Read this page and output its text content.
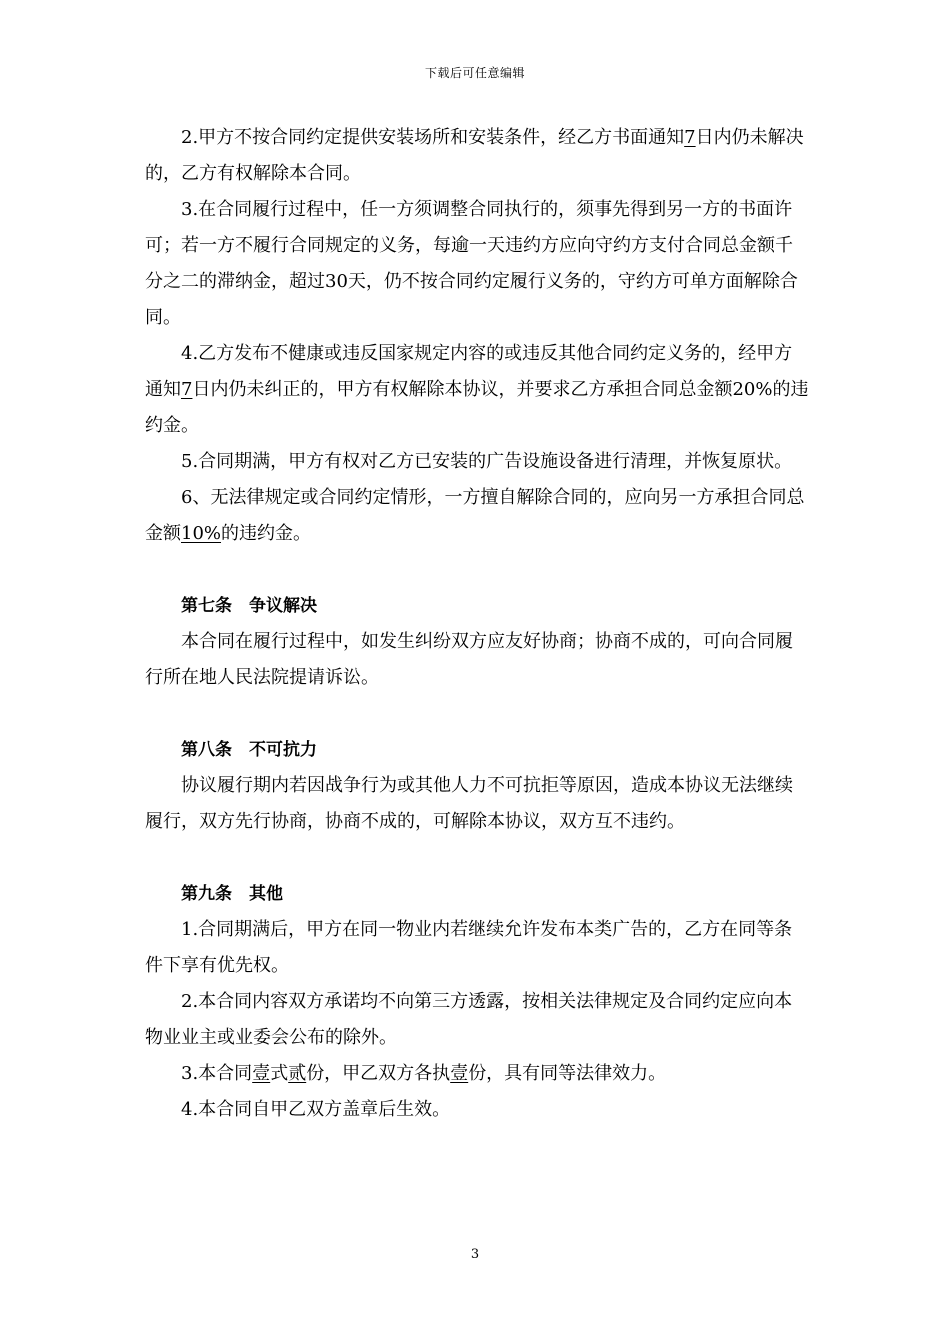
下载后可任意编辑

2.甲方不按合同约定提供安装场所和安装条件，经乙方书面通知7日内仍未解决的，乙方有权解除本合同。

3.在合同履行过程中，任一方须调整合同执行的，须事先得到另一方的书面许可；若一方不履行合同规定的义务，每逾一天违约方应向守约方支付合同总金额千分之二的滞纳金，超过30天，仍不按合同约定履行义务的，守约方可单方面解除合同。

4.乙方发布不健康或违反国家规定内容的或违反其他合同约定义务的，经甲方通知7日内仍未纠正的，甲方有权解除本协议，并要求乙方承担合同总金额20%的违约金。

5.合同期满，甲方有权对乙方已安装的广告设施设备进行清理，并恢复原状。

6、无法律规定或合同约定情形，一方擅自解除合同的，应向另一方承担合同总金额10%的违约金。

第七条　争议解决

本合同在履行过程中，如发生纠纷双方应友好协商；协商不成的，可向合同履行所在地人民法院提请诉讼。

第八条　不可抗力

协议履行期内若因战争行为或其他人力不可抗拒等原因，造成本协议无法继续履行，双方先行协商，协商不成的，可解除本协议，双方互不违约。

第九条　其他

1.合同期满后，甲方在同一物业内若继续允许发布本类广告的，乙方在同等条件下享有优先权。

2.本合同内容双方承诺均不向第三方透露，按相关法律规定及合同约定应向本物业业主或业委会公布的除外。

3.本合同壹式贰份，甲乙双方各执壹份，具有同等法律效力。

4.本合同自甲乙双方盖章后生效。

3
